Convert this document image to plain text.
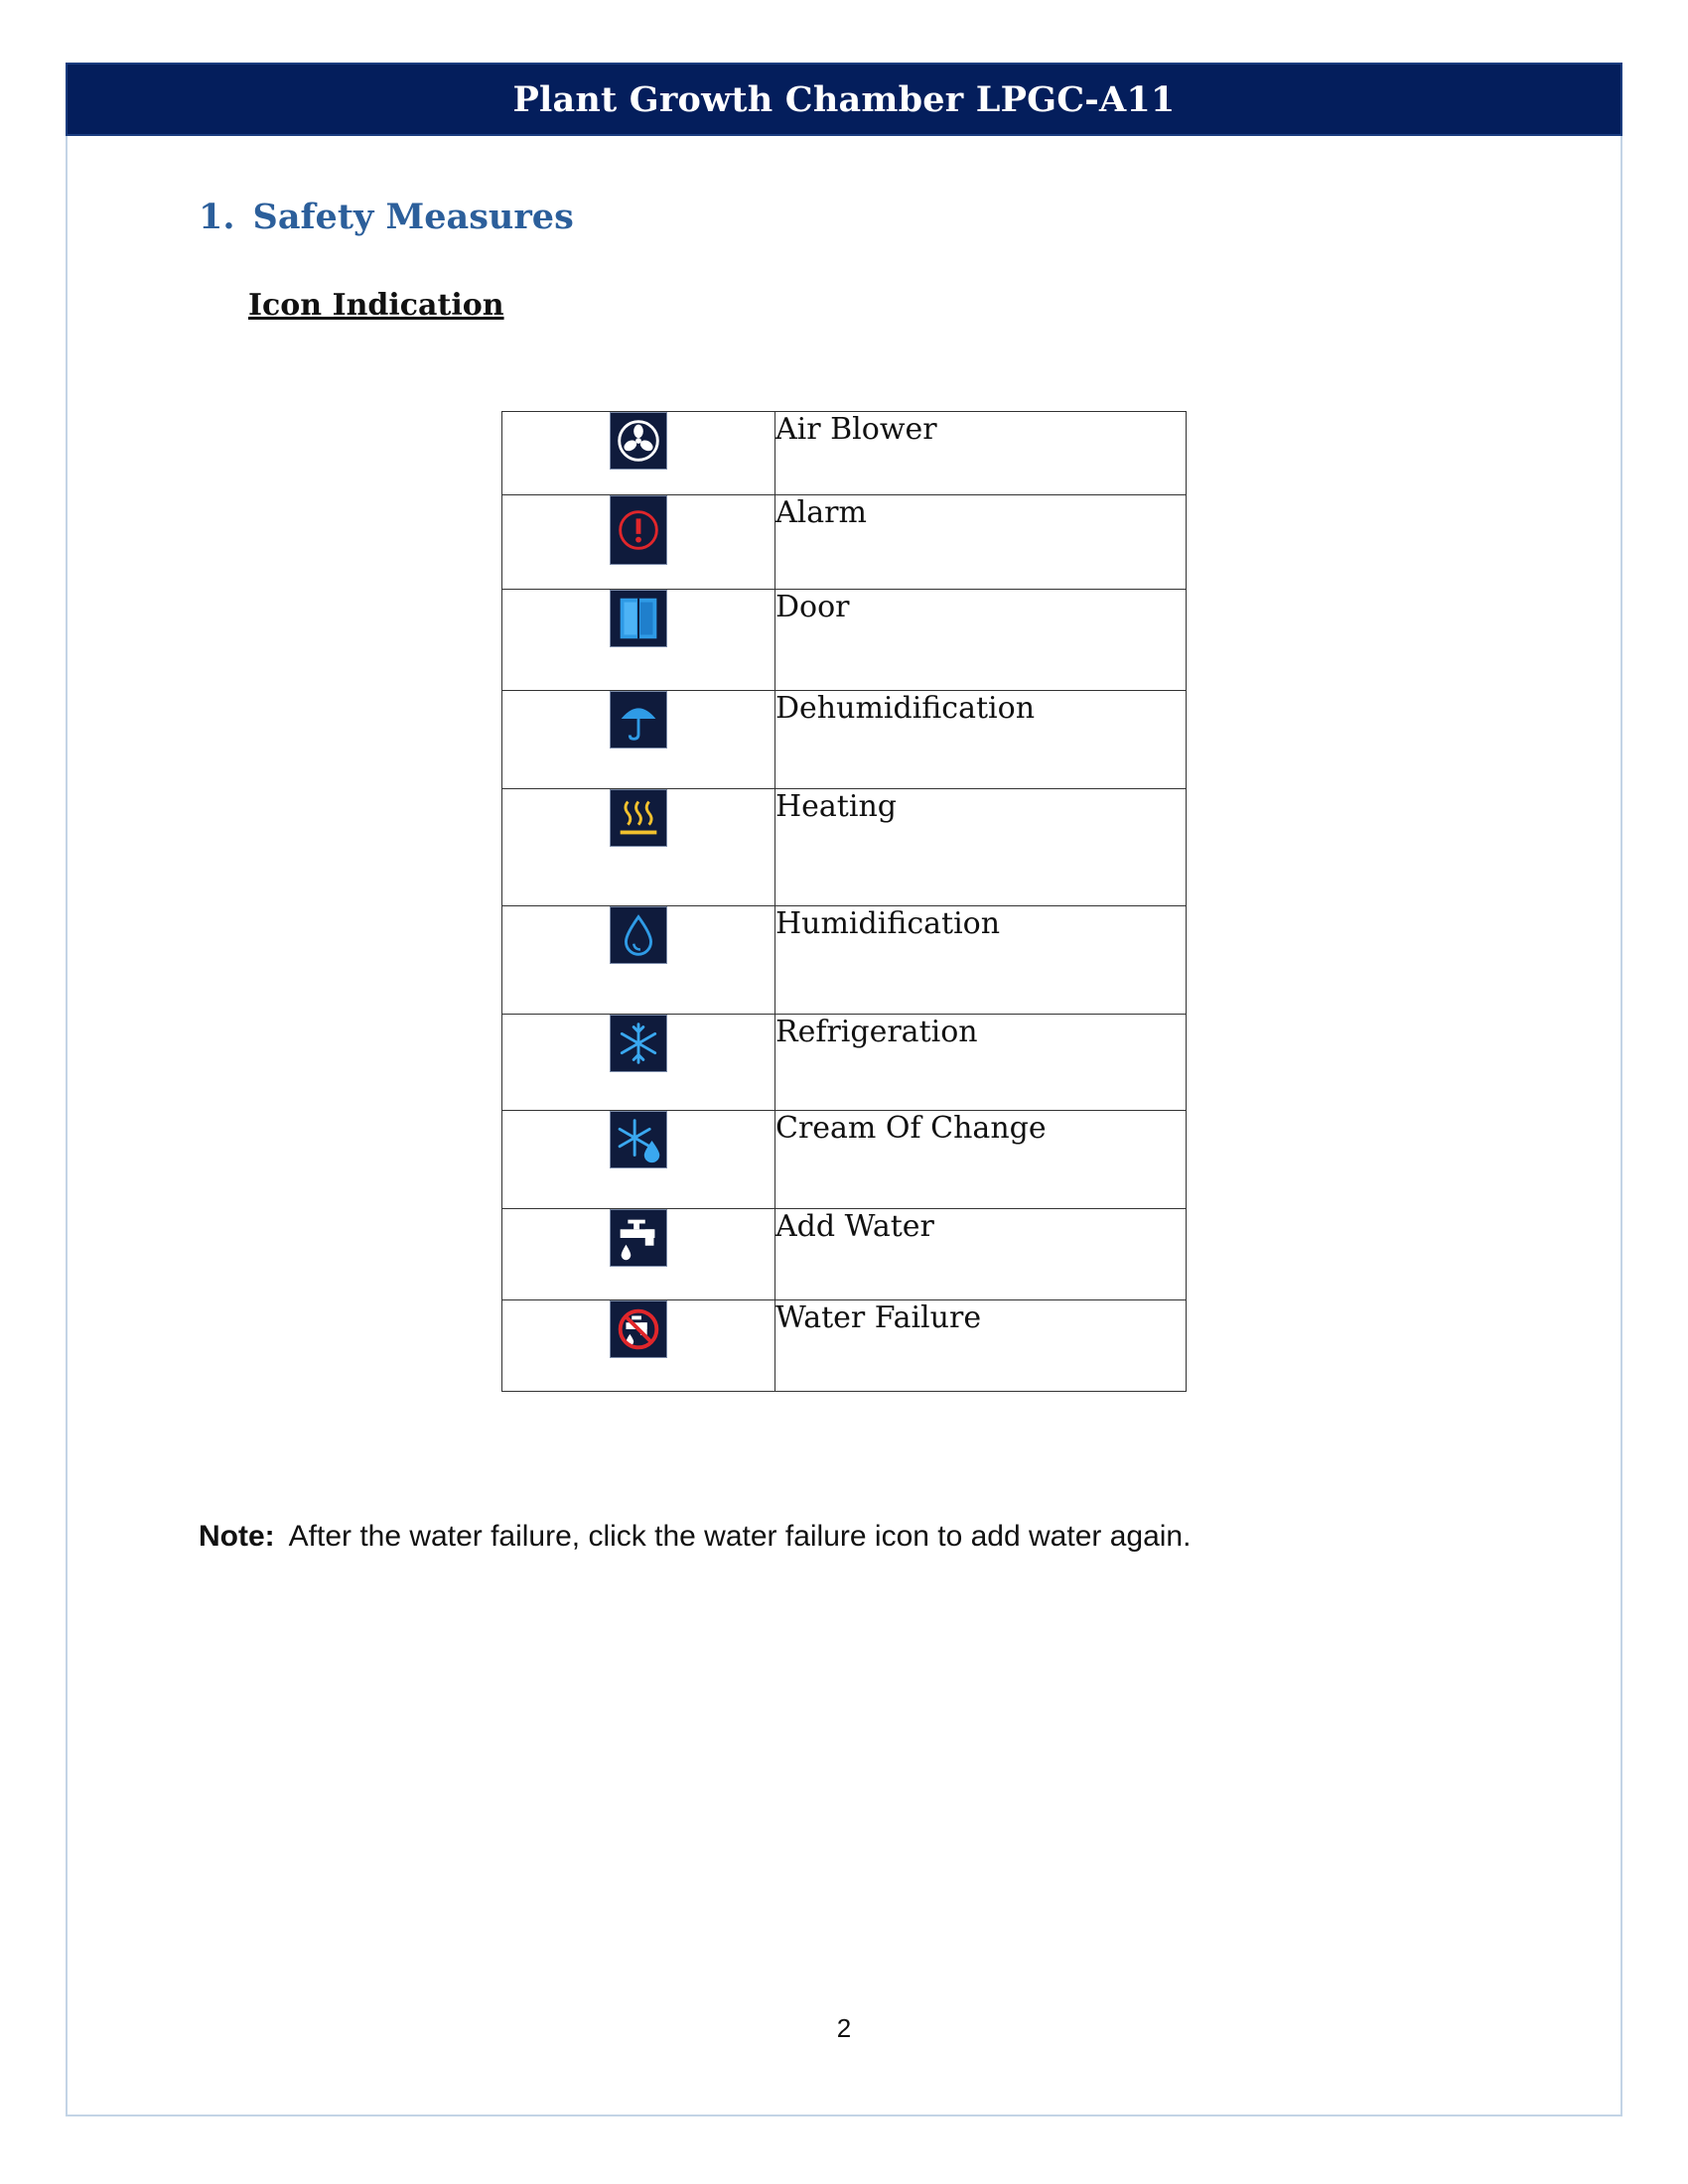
Plant Growth Chamber LPGC-A11
1. Safety Measures
Icon Indication
	Air Blower

	Alarm

	Door

	Dehumidification

	Heating

	Humidification

	Refrigeration

	Cream Of Change

	Add Water

	Water Failure
Note: After the water failure, click the water failure icon to add water again.
2
